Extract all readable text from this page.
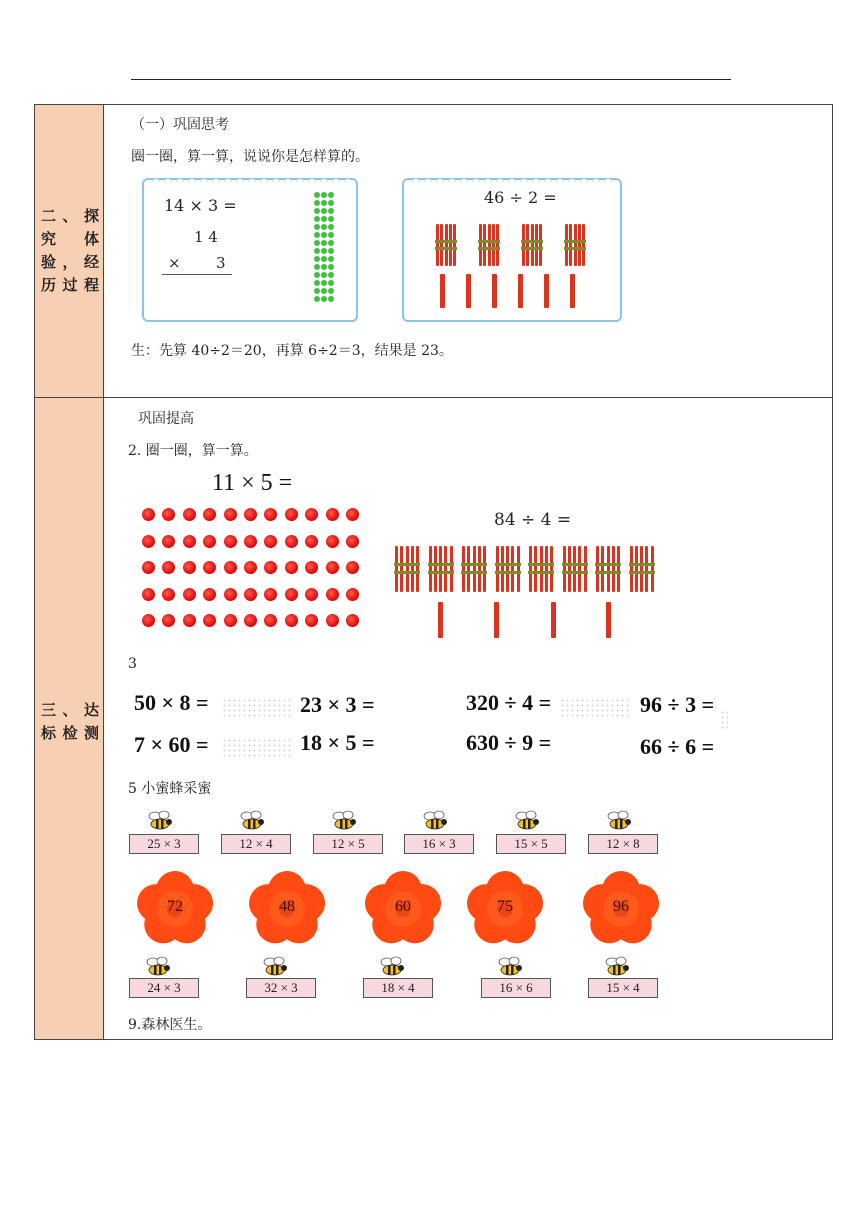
二、探究体验，经历过程
三、达标检测
（一）巩固思考
圈一圈，算一算，说说你是怎样算的。
14 × 3 =
1 4
× 3
46 ÷ 2 =
生：先算 40÷2＝20，再算 6÷2＝3，结果是 23。
巩固提高
2. 圈一圈，算一算。
11 × 5 =
84 ÷ 4 =
3
50 × 8 =	23 × 3 =	320 ÷ 4 =	96 ÷ 3 =
7 × 60 =	18 × 5 =	630 ÷ 9 =	66 ÷ 6 =
5 小蜜蜂采蜜
25 × 3	12 × 4	12 × 5	16 × 3	15 × 5	12 × 8
72	48	60	75	96
24 × 3	32 × 3	18 × 4	16 × 6	15 × 4
9.森林医生。
